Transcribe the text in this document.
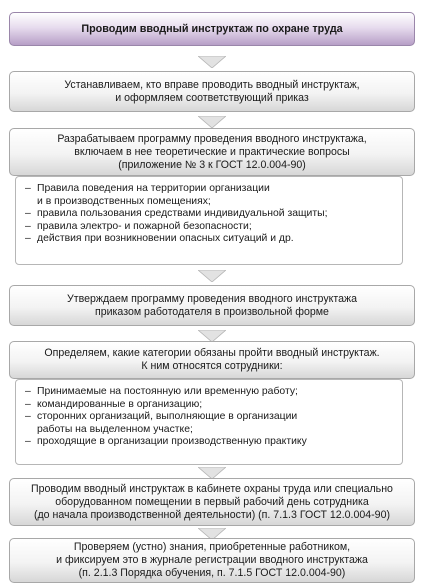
Проводим вводный инструктаж по охране труда
Устанавливаем, кто вправе проводить вводный инструктаж,
и оформляем соответствующий приказ
Разрабатываем программу проведения вводного инструктажа,
включаем в нее теоретические и практические вопросы
(приложение № 3 к ГОСТ 12.0.004-90)
– Правила поведения на территории организации
и в производственных помещениях;
– правила пользования средствами индивидуальной защиты;
– правила электро- и пожарной безопасности;
– действия при возникновении опасных ситуаций и др.
Утверждаем программу проведения вводного инструктажа
приказом работодателя в произвольной форме
Определяем, какие категории обязаны пройти вводный инструктаж.
К ним относятся сотрудники:
– Принимаемые на постоянную или временную работу;
– командированные в организацию;
– сторонних организаций, выполняющие в организации
работы на выделенном участке;
– проходящие в организации производственную практику
Проводим вводный инструктаж в кабинете охраны труда или специально
оборудованном помещении в первый рабочий день сотрудника
(до начала производственной деятельности) (п. 7.1.3 ГОСТ 12.0.004-90)
Проверяем (устно) знания, приобретенные работником,
и фиксируем это в журнале регистрации вводного инструктажа
(п. 2.1.3 Порядка обучения, п. 7.1.5 ГОСТ 12.0.004-90)
